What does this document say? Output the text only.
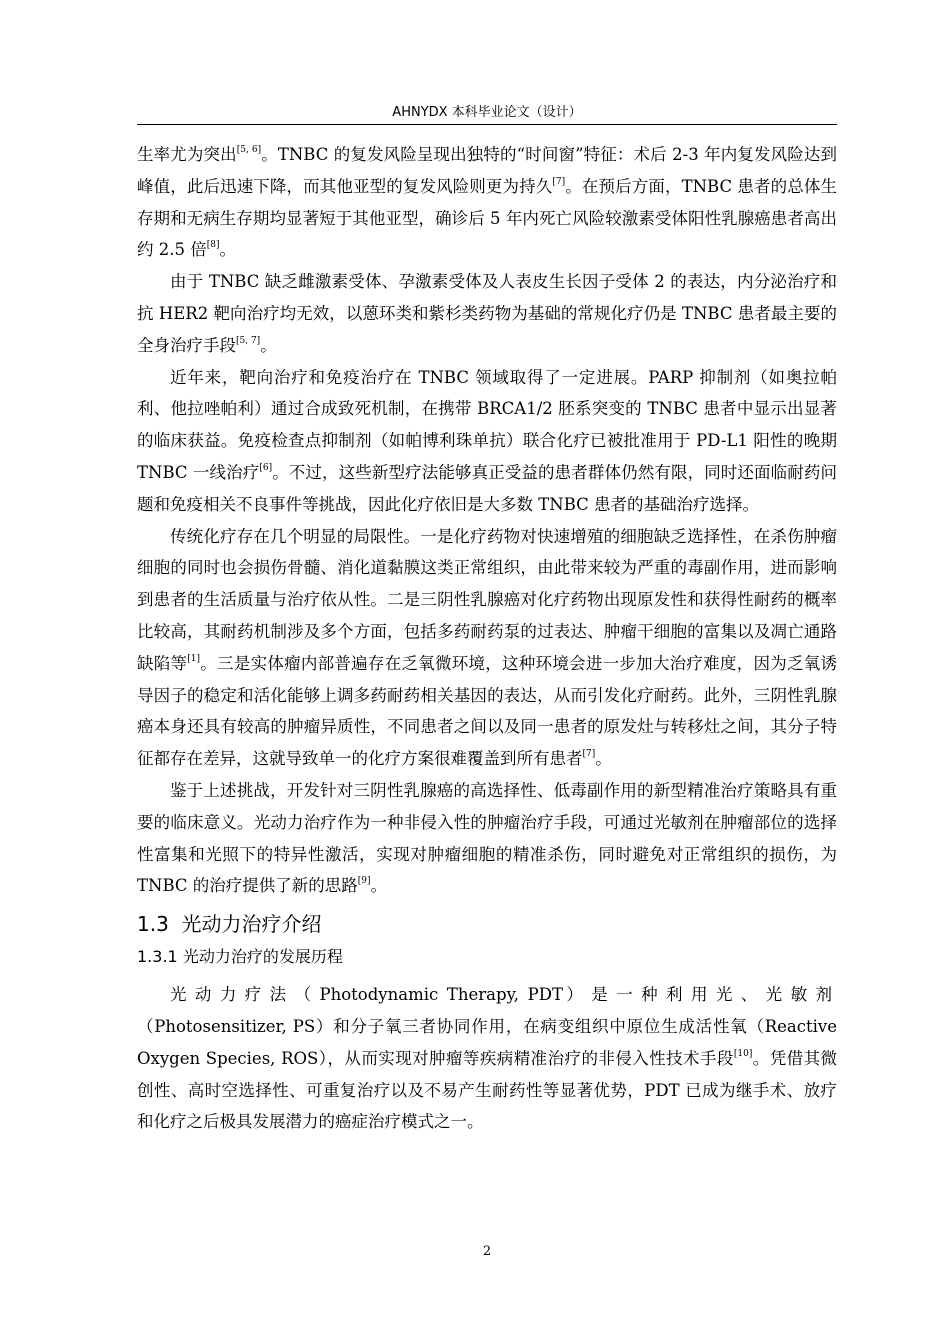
AHNYDX 本科毕业论文（设计）

生率尤为突出[5, 6]。TNBC 的复发风险呈现出独特的“时间窗”特征：术后 2-3 年内复发风险达到峰值，此后迅速下降，而其他亚型的复发风险则更为持久[7]。在预后方面，TNBC 患者的总体生存期和无病生存期均显著短于其他亚型，确诊后 5 年内死亡风险较激素受体阳性乳腺癌患者高出约 2.5 倍[8]。

由于 TNBC 缺乏雌激素受体、孕激素受体及人表皮生长因子受体 2 的表达，内分泌治疗和抗 HER2 靶向治疗均无效，以蒽环类和紫杉类药物为基础的常规化疗仍是 TNBC 患者最主要的全身治疗手段[5, 7]。

近年来，靶向治疗和免疫治疗在 TNBC 领域取得了一定进展。PARP 抑制剂（如奥拉帕利、他拉唑帕利）通过合成致死机制，在携带 BRCA1/2 胚系突变的 TNBC 患者中显示出显著的临床获益。免疫检查点抑制剂（如帕博利珠单抗）联合化疗已被批准用于 PD-L1 阳性的晚期 TNBC 一线治疗[6]。不过，这些新型疗法能够真正受益的患者群体仍然有限，同时还面临耐药问题和免疫相关不良事件等挑战，因此化疗依旧是大多数 TNBC 患者的基础治疗选择。

传统化疗存在几个明显的局限性。一是化疗药物对快速增殖的细胞缺乏选择性，在杀伤肿瘤细胞的同时也会损伤骨髓、消化道黏膜这类正常组织，由此带来较为严重的毒副作用，进而影响到患者的生活质量与治疗依从性。二是三阴性乳腺癌对化疗药物出现原发性和获得性耐药的概率比较高，其耐药机制涉及多个方面，包括多药耐药泵的过表达、肿瘤干细胞的富集以及凋亡通路缺陷等[1]。三是实体瘤内部普遍存在乏氧微环境，这种环境会进一步加大治疗难度，因为乏氧诱导因子的稳定和活化能够上调多药耐药相关基因的表达，从而引发化疗耐药。此外，三阴性乳腺癌本身还具有较高的肿瘤异质性，不同患者之间以及同一患者的原发灶与转移灶之间，其分子特征都存在差异，这就导致单一的化疗方案很难覆盖到所有患者[7]。

鉴于上述挑战，开发针对三阴性乳腺癌的高选择性、低毒副作用的新型精准治疗策略具有重要的临床意义。光动力治疗作为一种非侵入性的肿瘤治疗手段，可通过光敏剂在肿瘤部位的选择性富集和光照下的特异性激活，实现对肿瘤细胞的精准杀伤，同时避免对正常组织的损伤，为 TNBC 的治疗提供了新的思路[9]。

1.3 光动力治疗介绍
1.3.1 光动力治疗的发展历程

光动力疗法（Photodynamic Therapy, PDT）是一种利用光、光敏剂（Photosensitizer, PS）和分子氧三者协同作用，在病变组织中原位生成活性氧（Reactive Oxygen Species, ROS），从而实现对肿瘤等疾病精准治疗的非侵入性技术手段[10]。凭借其微创性、高时空选择性、可重复治疗以及不易产生耐药性等显著优势，PDT 已成为继手术、放疗和化疗之后极具发展潜力的癌症治疗模式之一。

2
